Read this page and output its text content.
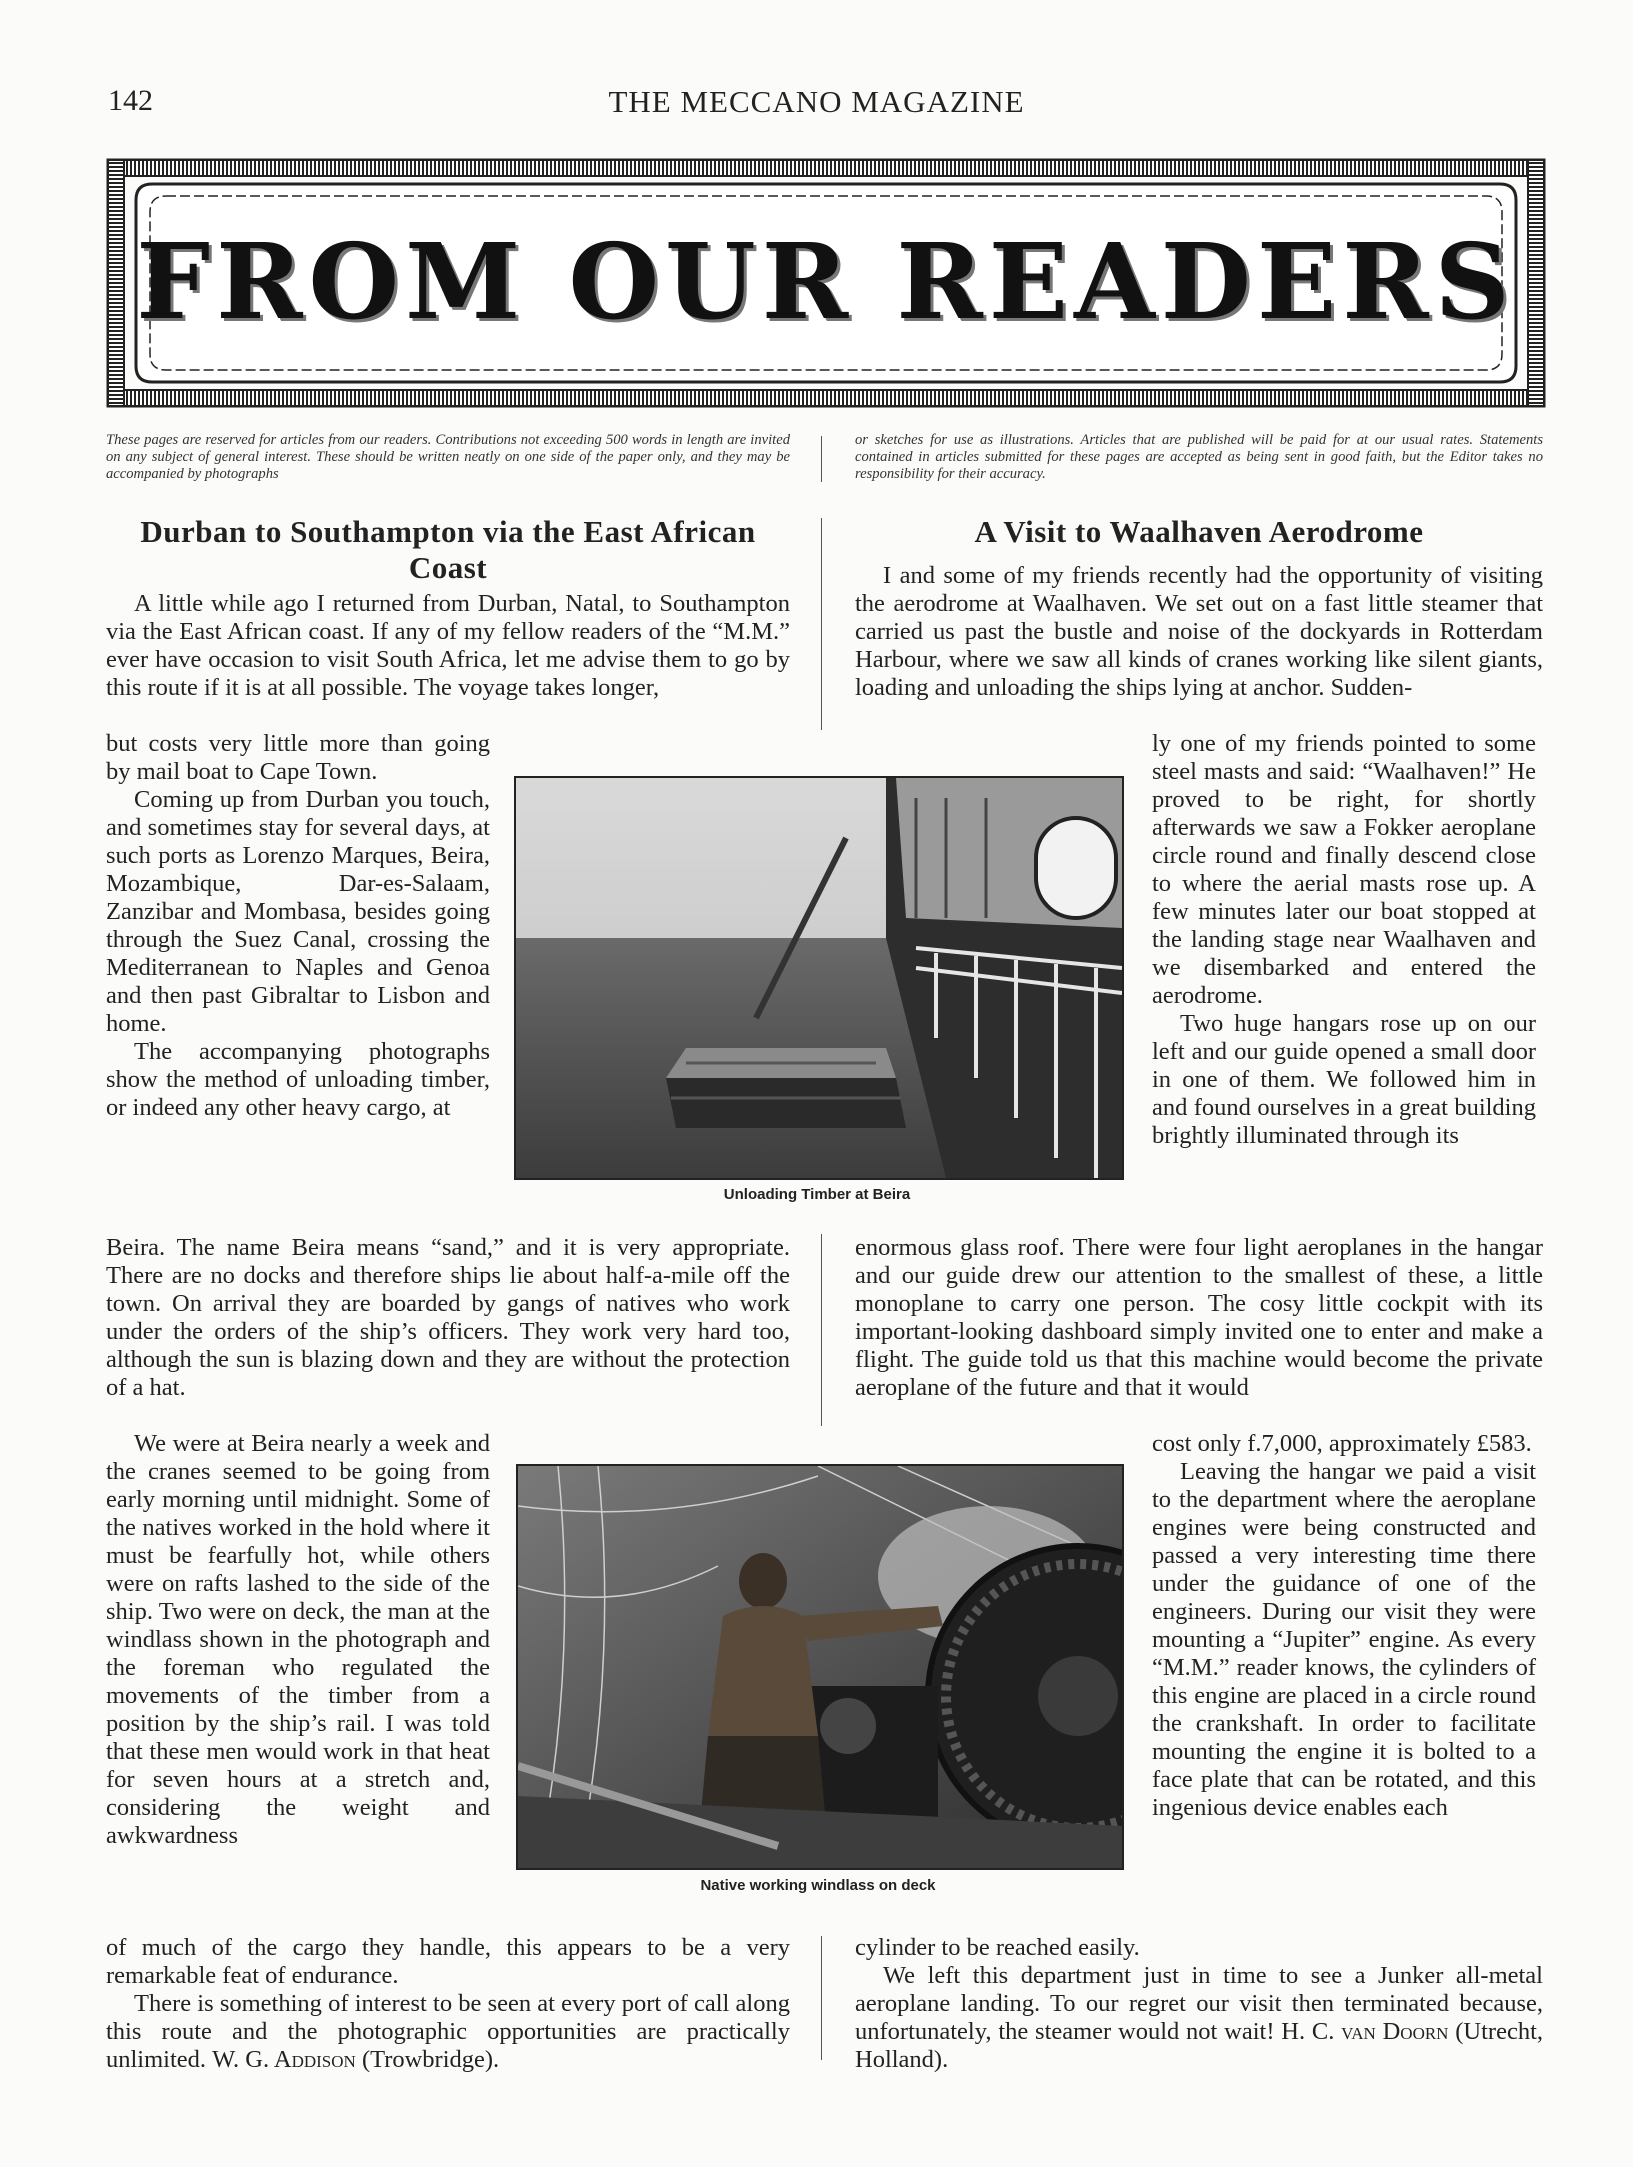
142	THE MECCANO MAGAZINE
FROM OUR READERS
These pages are reserved for articles from our readers. Contributions not exceeding 500 words in length are invited on any subject of general interest. These should be written neatly on one side of the paper only, and they may be accompanied by photographs
or sketches for use as illustrations. Articles that are published will be paid for at our usual rates. Statements contained in articles submitted for these pages are accepted as being sent in good faith, but the Editor takes no responsibility for their accuracy.
Durban to Southampton via the East African Coast

A little while ago I returned from Durban, Natal, to Southampton via the East African coast. If any of my fellow readers of the “M.M.” ever have occasion to visit South Africa, let me advise them to go by this route if it is at all possible. The voyage takes longer,

but costs very little more than going by mail boat to Cape Town.

Coming up from Durban you touch, and sometimes stay for several days, at such ports as Lorenzo Marques, Beira, Mozambique, Dar-es-Salaam, Zanzibar and Mombasa, besides going through the Suez Canal, crossing the Mediterranean to Naples and Genoa and then past Gibraltar to Lisbon and home.

The accompanying photographs show the method of unloading timber, or indeed any other heavy cargo, at

Beira. The name Beira means “sand,” and it is very appropriate. There are no docks and therefore ships lie about half-a-mile off the town. On arrival they are boarded by gangs of natives who work under the orders of the ship’s officers. They work very hard too, although the sun is blazing down and they are without the protection of a hat.

We were at Beira nearly a week and the cranes seemed to be going from early morning until midnight. Some of the natives worked in the hold where it must be fearfully hot, while others were on rafts lashed to the side of the ship. Two were on deck, the man at the windlass shown in the photograph and the foreman who regulated the movements of the timber from a position by the ship’s rail. I was told that these men would work in that heat for seven hours at a stretch and, considering the weight and awkwardness

of much of the cargo they handle, this appears to be a very remarkable feat of endurance.

There is something of interest to be seen at every port of call along this route and the photographic opportunities are practically unlimited. W. G. Addison (Trowbridge).

A Visit to Waalhaven Aerodrome

I and some of my friends recently had the opportunity of visiting the aerodrome at Waalhaven. We set out on a fast little steamer that carried us past the bustle and noise of the dockyards in Rotterdam Harbour, where we saw all kinds of cranes working like silent giants, loading and unloading the ships lying at anchor. Sudden-

ly one of my friends pointed to some steel masts and said: “Waalhaven!” He proved to be right, for shortly afterwards we saw a Fokker aeroplane circle round and finally descend close to where the aerial masts rose up. A few minutes later our boat stopped at the landing stage near Waalhaven and we disembarked and entered the aerodrome.

Two huge hangars rose up on our left and our guide opened a small door in one of them. We followed him in and found ourselves in a great building brightly illuminated through its

enormous glass roof. There were four light aeroplanes in the hangar and our guide drew our attention to the smallest of these, a little monoplane to carry one person. The cosy little cockpit with its important-looking dashboard simply invited one to enter and make a flight. The guide told us that this machine would become the private aeroplane of the future and that it would

cost only f.7,000, approximately £583.

Leaving the hangar we paid a visit to the department where the aeroplane engines were being constructed and passed a very interesting time there under the guidance of one of the engineers. During our visit they were mounting a “Jupiter” engine. As every “M.M.” reader knows, the cylinders of this engine are placed in a circle round the crankshaft. In order to facilitate mounting the engine it is bolted to a face plate that can be rotated, and this ingenious device enables each

cylinder to be reached easily.

We left this department just in time to see a Junker all-metal aeroplane landing. To our regret our visit then terminated because, unfortunately, the steamer would not wait! H. C. van Doorn (Utrecht, Holland).

Unloading Timber at Beira
Native working windlass on deck
